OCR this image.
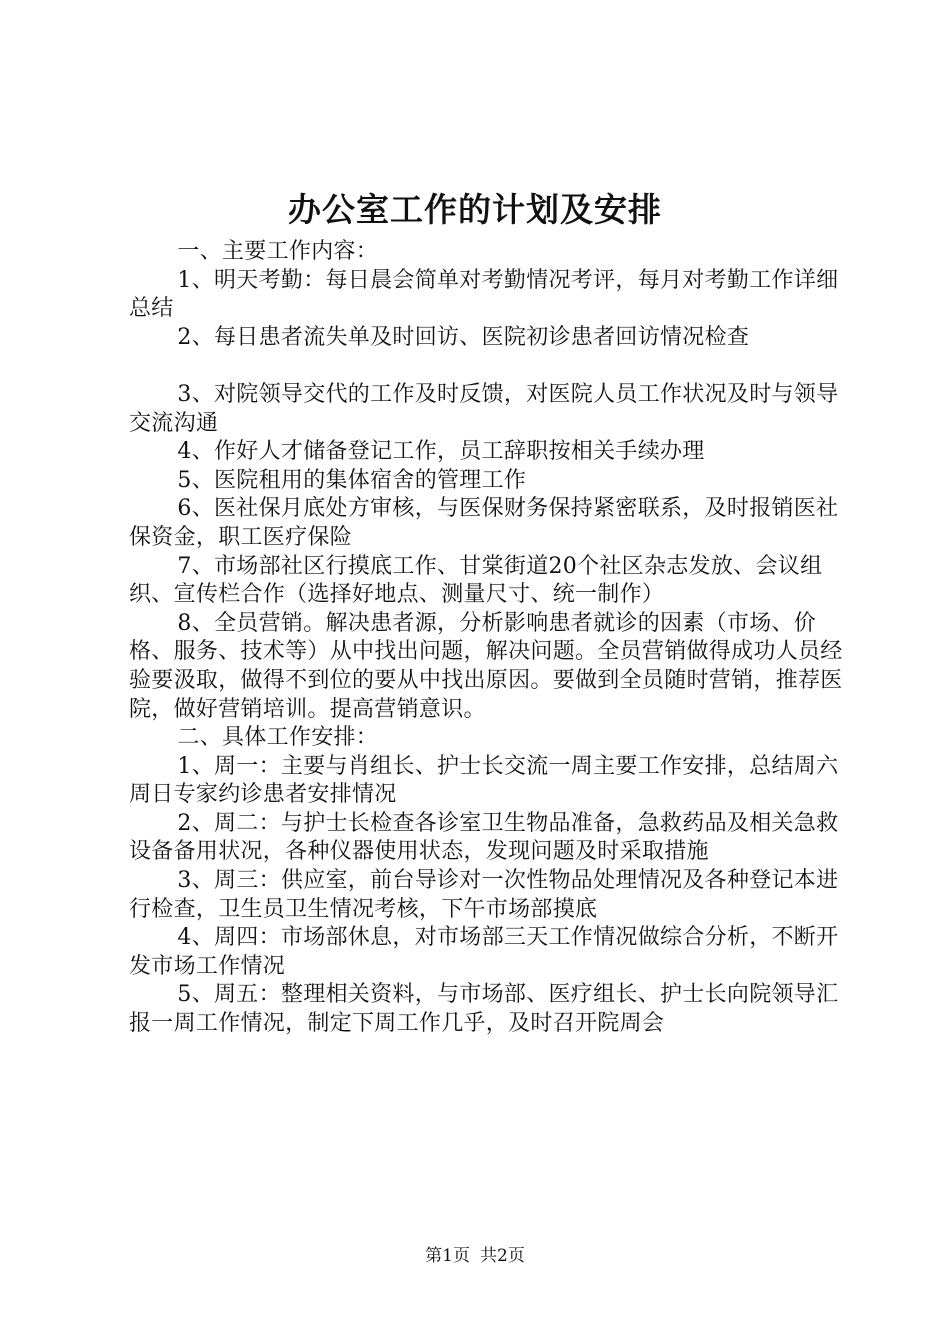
办公室工作的计划及安排

一、主要工作内容：

1、明天考勤：每日晨会简单对考勤情况考评，每月对考勤工作详细总结

2、每日患者流失单及时回访、医院初诊患者回访情况检查

3、对院领导交代的工作及时反馈，对医院人员工作状况及时与领导交流沟通

4、作好人才储备登记工作，员工辞职按相关手续办理

5、医院租用的集体宿舍的管理工作

6、医社保月底处方审核，与医保财务保持紧密联系，及时报销医社保资金，职工医疗保险

7、市场部社区行摸底工作、甘棠街道20个社区杂志发放、会议组织、宣传栏合作（选择好地点、测量尺寸、统一制作）

8、全员营销。解决患者源，分析影响患者就诊的因素（市场、价格、服务、技术等）从中找出问题，解决问题。全员营销做得成功人员经验要汲取，做得不到位的要从中找出原因。要做到全员随时营销，推荐医院，做好营销培训。提高营销意识。

二、具体工作安排：

1、周一：主要与肖组长、护士长交流一周主要工作安排，总结周六周日专家约诊患者安排情况

2、周二：与护士长检查各诊室卫生物品准备，急救药品及相关急救设备备用状况，各种仪器使用状态，发现问题及时采取措施

3、周三：供应室，前台导诊对一次性物品处理情况及各种登记本进行检查，卫生员卫生情况考核，下午市场部摸底

4、周四：市场部休息，对市场部三天工作情况做综合分析，不断开发市场工作情况

5、周五：整理相关资料，与市场部、医疗组长、护士长向院领导汇报一周工作情况，制定下周工作几乎，及时召开院周会

第1页 共2页
